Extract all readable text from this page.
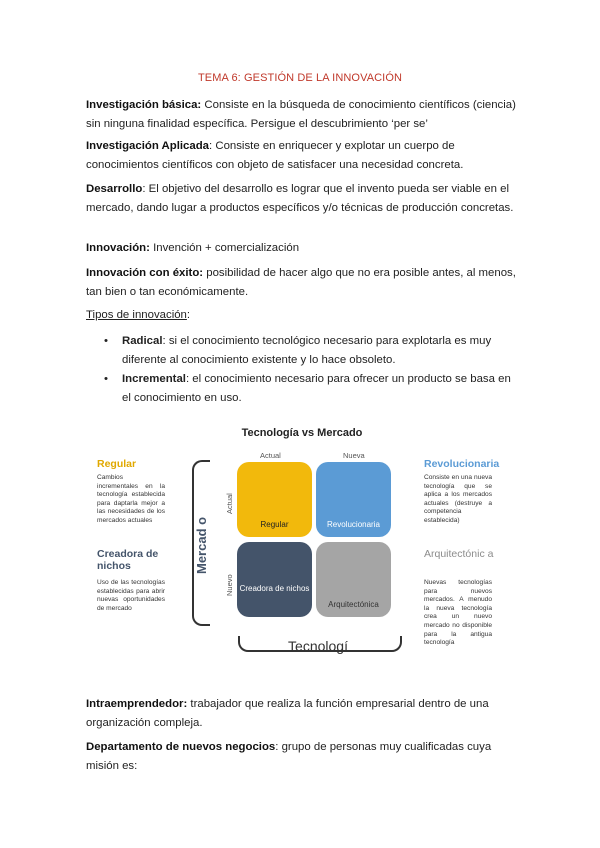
TEMA 6: GESTIÓN DE LA INNOVACIÓN

Investigación básica: Consiste en la búsqueda de conocimiento científicos (ciencia) sin ninguna finalidad específica. Persigue el descubrimiento ‘per se’

Investigación Aplicada: Consiste en enriquecer y explotar un cuerpo de conocimientos científicos con objeto de satisfacer una necesidad concreta.

Desarrollo: El objetivo del desarrollo es lograr que el invento pueda ser viable en el mercado, dando lugar a productos específicos y/o técnicas de producción concretas.

Innovación: Invención + comercialización

Innovación con éxito: posibilidad de hacer algo que no era posible antes, al menos, tan bien o tan económicamente.

Tipos de innovación:

• Radical: si el conocimiento tecnológico necesario para explotarla es muy diferente al conocimiento existente y lo hace obsoleto.
• Incremental: el conocimiento necesario para ofrecer un producto se basa en el conocimiento en uso.
Tecnología vs Mercado
Actual	Nueva
Actual
Nuevo
Mercad o	Regular	Revolucionaria
Creadora de nichos
Arquitectónica
Tecnologí
Regular
Cambios incrementales en la tecnología establecida para daptarla mejor a las necesidades de los mercados actuales
Creadora de nichos
Uso de las tecnologías establecidas para abrir nuevas oportunidades de mercado
Revolucionaria
Consiste en una nueva tecnología que se aplica a los mercados actuales (destruye a competencia establecida)
Arquitectónic a
Nuevas tecnologías para nuevos mercados. A menudo la nueva tecnología crea un nuevo mercado no disponible para la antigua tecnología

Intraemprendedor: trabajador que realiza la función empresarial dentro de una organización compleja.

Departamento de nuevos negocios: grupo de personas muy cualificadas cuya misión es:
